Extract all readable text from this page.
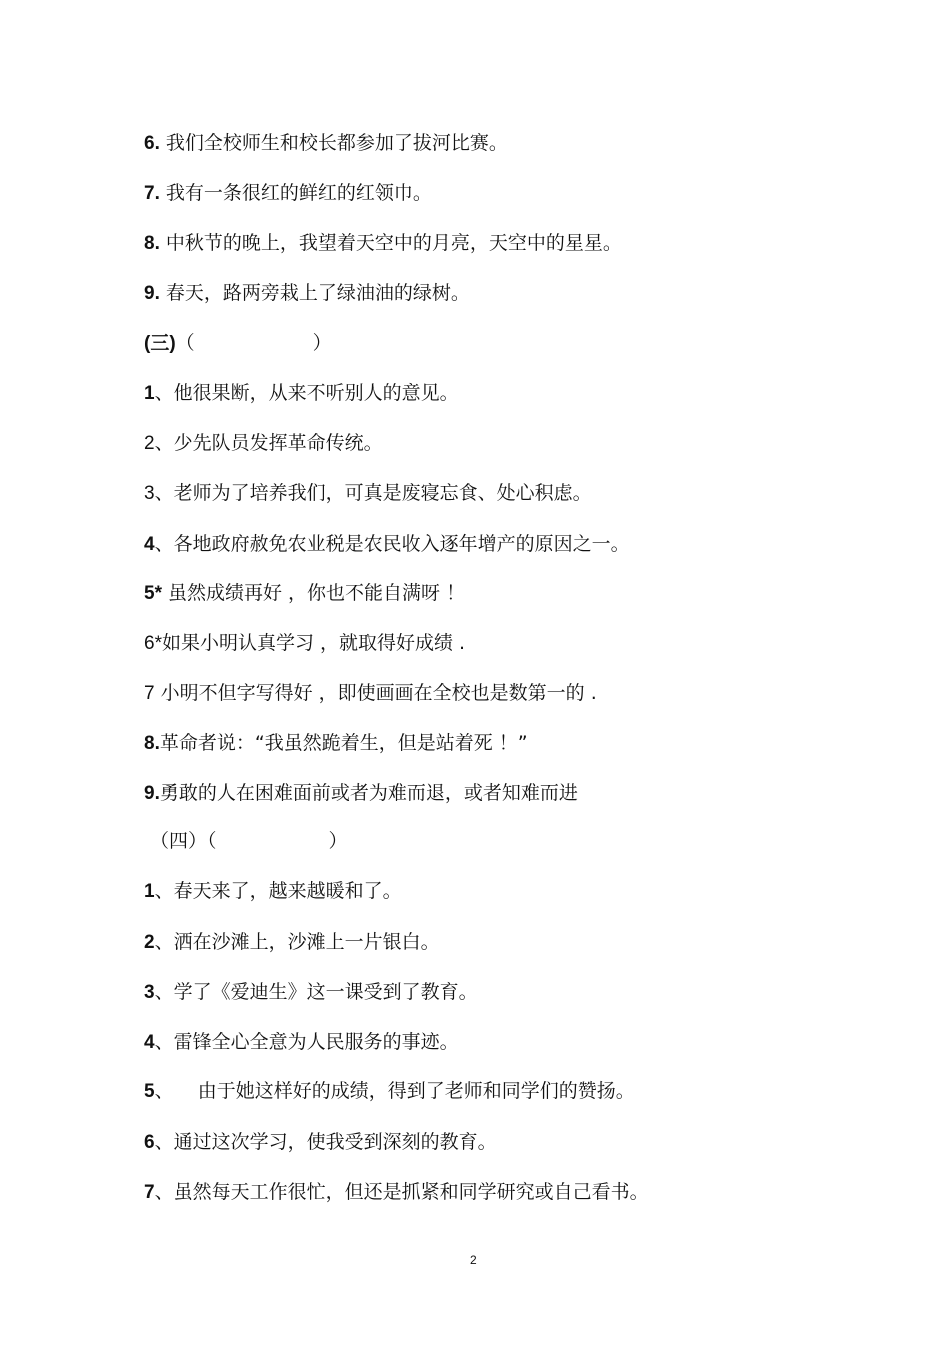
6. 我们全校师生和校长都参加了拔河比赛。
7. 我有一条很红的鲜红的红领巾。
8. 中秋节的晚上，我望着天空中的月亮，天空中的星星。
9. 春天，路两旁栽上了绿油油的绿树。
(三)（	）
1、他很果断，从来不听别人的意见。
2、少先队员发挥革命传统。
3、老师为了培养我们，可真是废寝忘食、处心积虑。
4、各地政府赦免农业税是农民收入逐年增产的原因之一。
5* 虽然成绩再好 ，你也不能自满呀 ！
6*如果小明认真学习 ，就取得好成绩 .
7 小明不但字写得好 ，即使画画在全校也是数第一的 .
8.革命者说：“我虽然跪着生，但是站着死 ！”
9.勇敢的人在困难面前或者为难而退，或者知难而进
（四）（	）
1、春天来了，越来越暖和了。
2、洒在沙滩上，沙滩上一片银白。
3、学了《爱迪生》这一课受到了教育。
4、雷锋全心全意为人民服务的事迹。
5、    由于她这样好的成绩，得到了老师和同学们的赞扬。
6、通过这次学习，使我受到深刻的教育。
7、虽然每天工作很忙，但还是抓紧和同学研究或自己看书。
2
